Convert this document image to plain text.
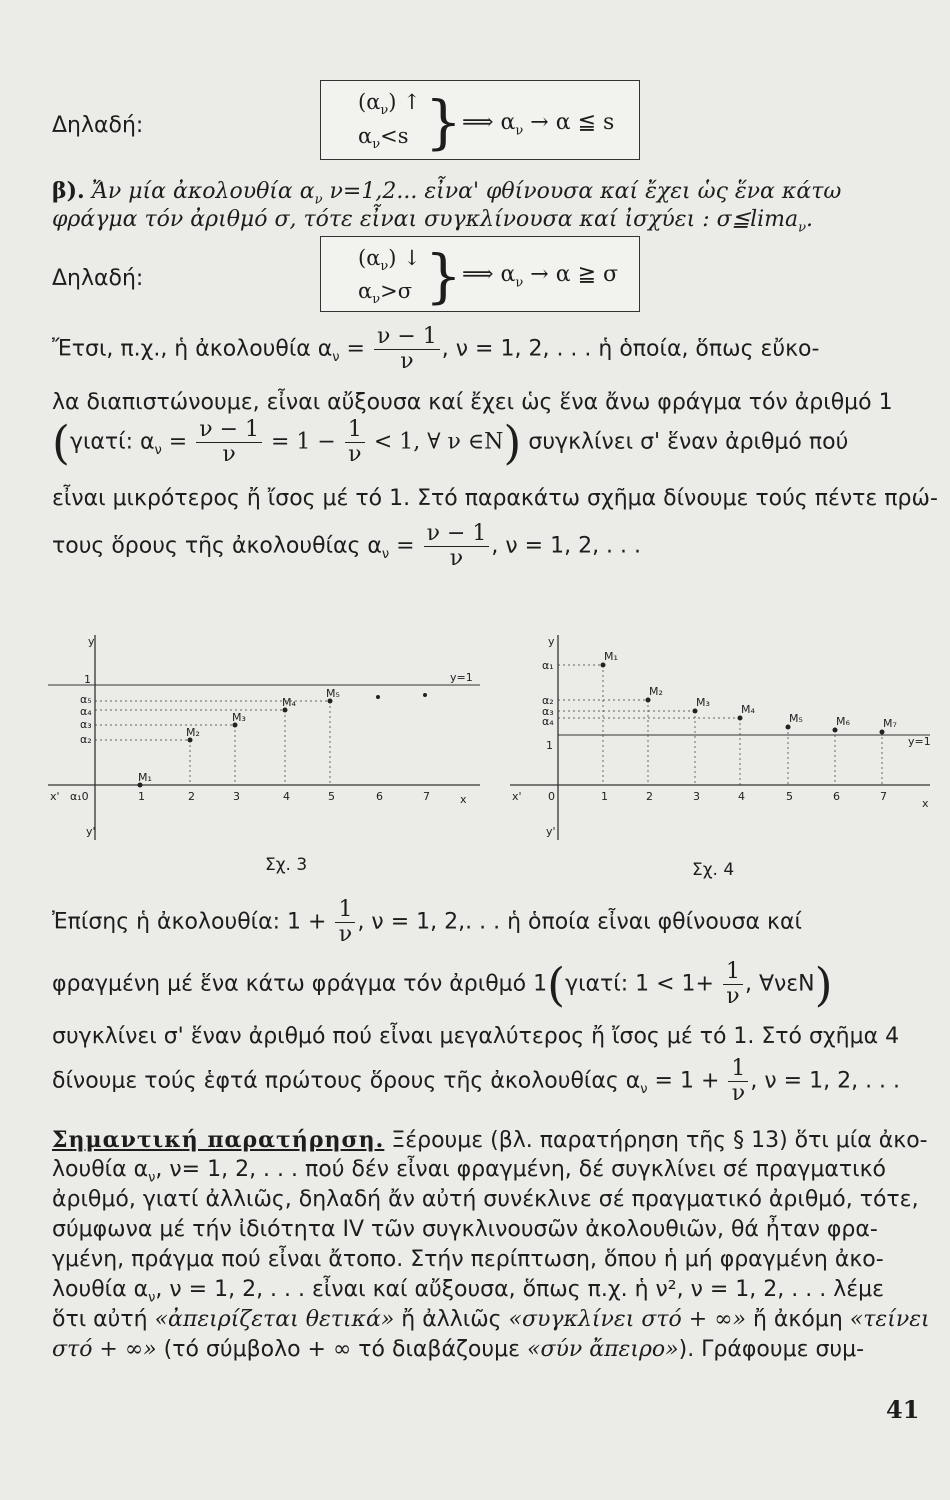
Δηλαδή:
$(\alpha_\nu)$ ↑
$\alpha_\nu<s$ } ⟹ $\alpha_\nu \to \alpha$ ≦ s
β). Ἄν μία ἀκολουθία $\alpha_\nu$ ν=1,2... εἶνα' φθίνουσα καί ἔχει ὡς ἕνα κάτω
φράγμα τόν ἀριθμό σ, τότε εἶναι συγκλίνουσα καί ἰσχύει : σ≦lima$_\nu$.
Δηλαδή:
$(\alpha_\nu)$ ↓
$\alpha_\nu>\sigma$ } ⟹ $\alpha_\nu \to \alpha$ ≧ σ
Ἔτσι, π.χ., ἡ ἀκολουθία $\alpha_\nu = \frac{\nu - 1}{\nu}$ , ν = 1, 2, . . . ἡ ὁποία, ὅπως εὔκο-
λα διαπιστώνουμε, εἶναι αὔξουσα καί ἔχει ὡς ἕνα ἄνω φράγμα τόν ἀριθμό 1
(γιατί: $\alpha_\nu = \frac{\nu - 1}{\nu} = 1 - \frac{1}{\nu} < 1$, ∀ ν ∈N) συγκλίνει σ' ἕναν ἀριθμό πού
εἶναι μικρότερος ἤ ἴσος μέ τό 1. Στό παρακάτω σχῆμα δίνουμε τούς πέντε πρώ-
τους ὅρους τῆς ἀκολουθίας $\alpha_\nu = \frac{\nu - 1}{\nu}$ , ν = 1, 2, . . .
y
y'
x
x' α₁0
y=1
1
α₅
α₄
α₃
α₂
1	2	3	4	5	6	7
M₁
M₂
M₃
M₄
M₅
y
y'
x
x' 0
y=1
α₁
α₂
α₃
α₄
1
1	2	3	4	5	6	7
M₁
M₂
M₃
M₄
M₅	M₆	M₇
Σχ. 3	Σχ. 4
Ἐπίσης ἡ ἀκολουθία: $1 + \frac{1}{\nu}$ , ν = 1, 2,. . . ἡ ὁποία εἶναι φθίνουσα καί
φραγμένη μέ ἕνα κάτω φράγμα τόν ἀριθμό 1(γιατί: $1 < 1+ \frac{1}{\nu}$ , ∀νεN)
συγκλίνει σ' ἕναν ἀριθμό πού εἶναι μεγαλύτερος ἤ ἴσος μέ τό 1. Στό σχῆμα 4
δίνουμε τούς ἑφτά πρώτους ὅρους τῆς ἀκολουθίας $\alpha_\nu = 1 + \frac{1}{\nu}$ , ν = 1, 2, . . .
Σημαντική παρατήρηση. Ξέρουμε (βλ. παρατήρηση τῆς § 13) ὅτι μία ἀκο-
λουθία $\alpha_\nu$, ν= 1, 2, . . . πού δέν εἶναι φραγμένη, δέ συγκλίνει σέ πραγματικό
ἀριθμό, γιατί ἀλλιῶς, δηλαδή ἄν αὐτή συνέκλινε σέ πραγματικό ἀριθμό, τότε,
σύμφωνα μέ τήν ἰδιότητα IV τῶν συγκλινουσῶν ἀκολουθιῶν, θά ἦταν φρα-
γμένη, πράγμα πού εἶναι ἄτοπο. Στήν περίπτωση, ὅπου ἡ μή φραγμένη ἀκο-
λουθία $\alpha_\nu$, ν = 1, 2, . . . εἶναι καί αὔξουσα, ὅπως π.χ. ἡ ν², ν = 1, 2, . . . λέμε
ὅτι αὐτή «ἀπειρίζεται θετικά» ἤ ἀλλιῶς «συγκλίνει στό + ∞» ἤ ἀκόμη «τείνει
στό + ∞» (τό σύμβολο + ∞ τό διαβάζουμε «σύν ἄπειρο»). Γράφουμε συμ-
41
